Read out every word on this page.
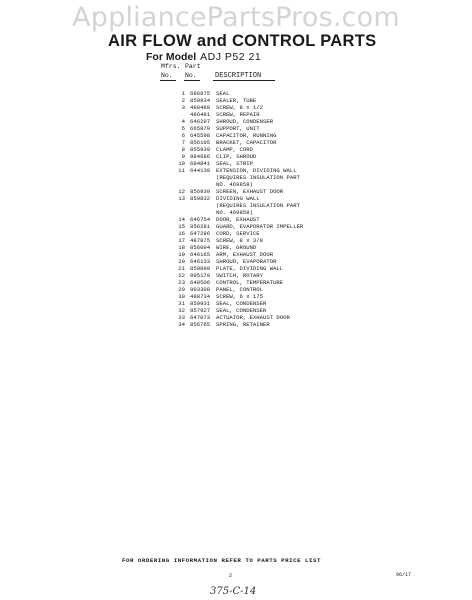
AppliancePartsPros.com
AIR FLOW and CONTROL PARTS
For Model ADJ P52 21
Mfrs. Part
No. No.	DESCRIPTION
1 686875	SEAL
2 859934	SEALER, TUBE
3 488480	SCREW, 8 x 1/2
486481	SCREW, REPAIR
4 646297	SHROUD, CONDENSER
5 665879	SUPPORT, UNIT
6 645598	CAPACITOR, RUNNING
7 856105	BRACKET, CAPACITOR
8 855939	CLAMP, CORD
9 984686	CLIP, SHROUD
10 684841	SEAL, STRIP
11 644130	EXTENSION, DIVIDING WALL
(REQUIRES INSULATION PART
NO. 469858)
12 856939	SCREEN, EXHAUST DOOR
13 859832	DIVIDING WALL
(REQUIRES INSULATION PART
NO. 469858)
14 646754	DOOR, EXHAUST
15 856281	GUARD, EVAPORATOR IMPELLER
16 647296	CORD, SERVICE
17 487875	SCREW, 8 x 3/8
18 856094	WIRE, GROUND
19 646165	ARM, EXHAUST DOOR
20 646133	SHROUD, EVAPORATOR
21 859890	PLATE, DIVIDING WALL
22 995179	SWITCH, ROTARY
23 648506	CONTROL, TEMPERATURE
29 993308	PANEL, CONTROL
30 488734	SCREW, 6 x 175
31 859931	SEAL, CONDENSER
32 857927	SEAL, CONDENSER
33 647073	ACTUATOR, EXHAUST DOOR
34 856765	SPRING, RETAINER
FOR ORDERING INFORMATION REFER TO PARTS PRICE LIST
2	96/17
375-C-14
